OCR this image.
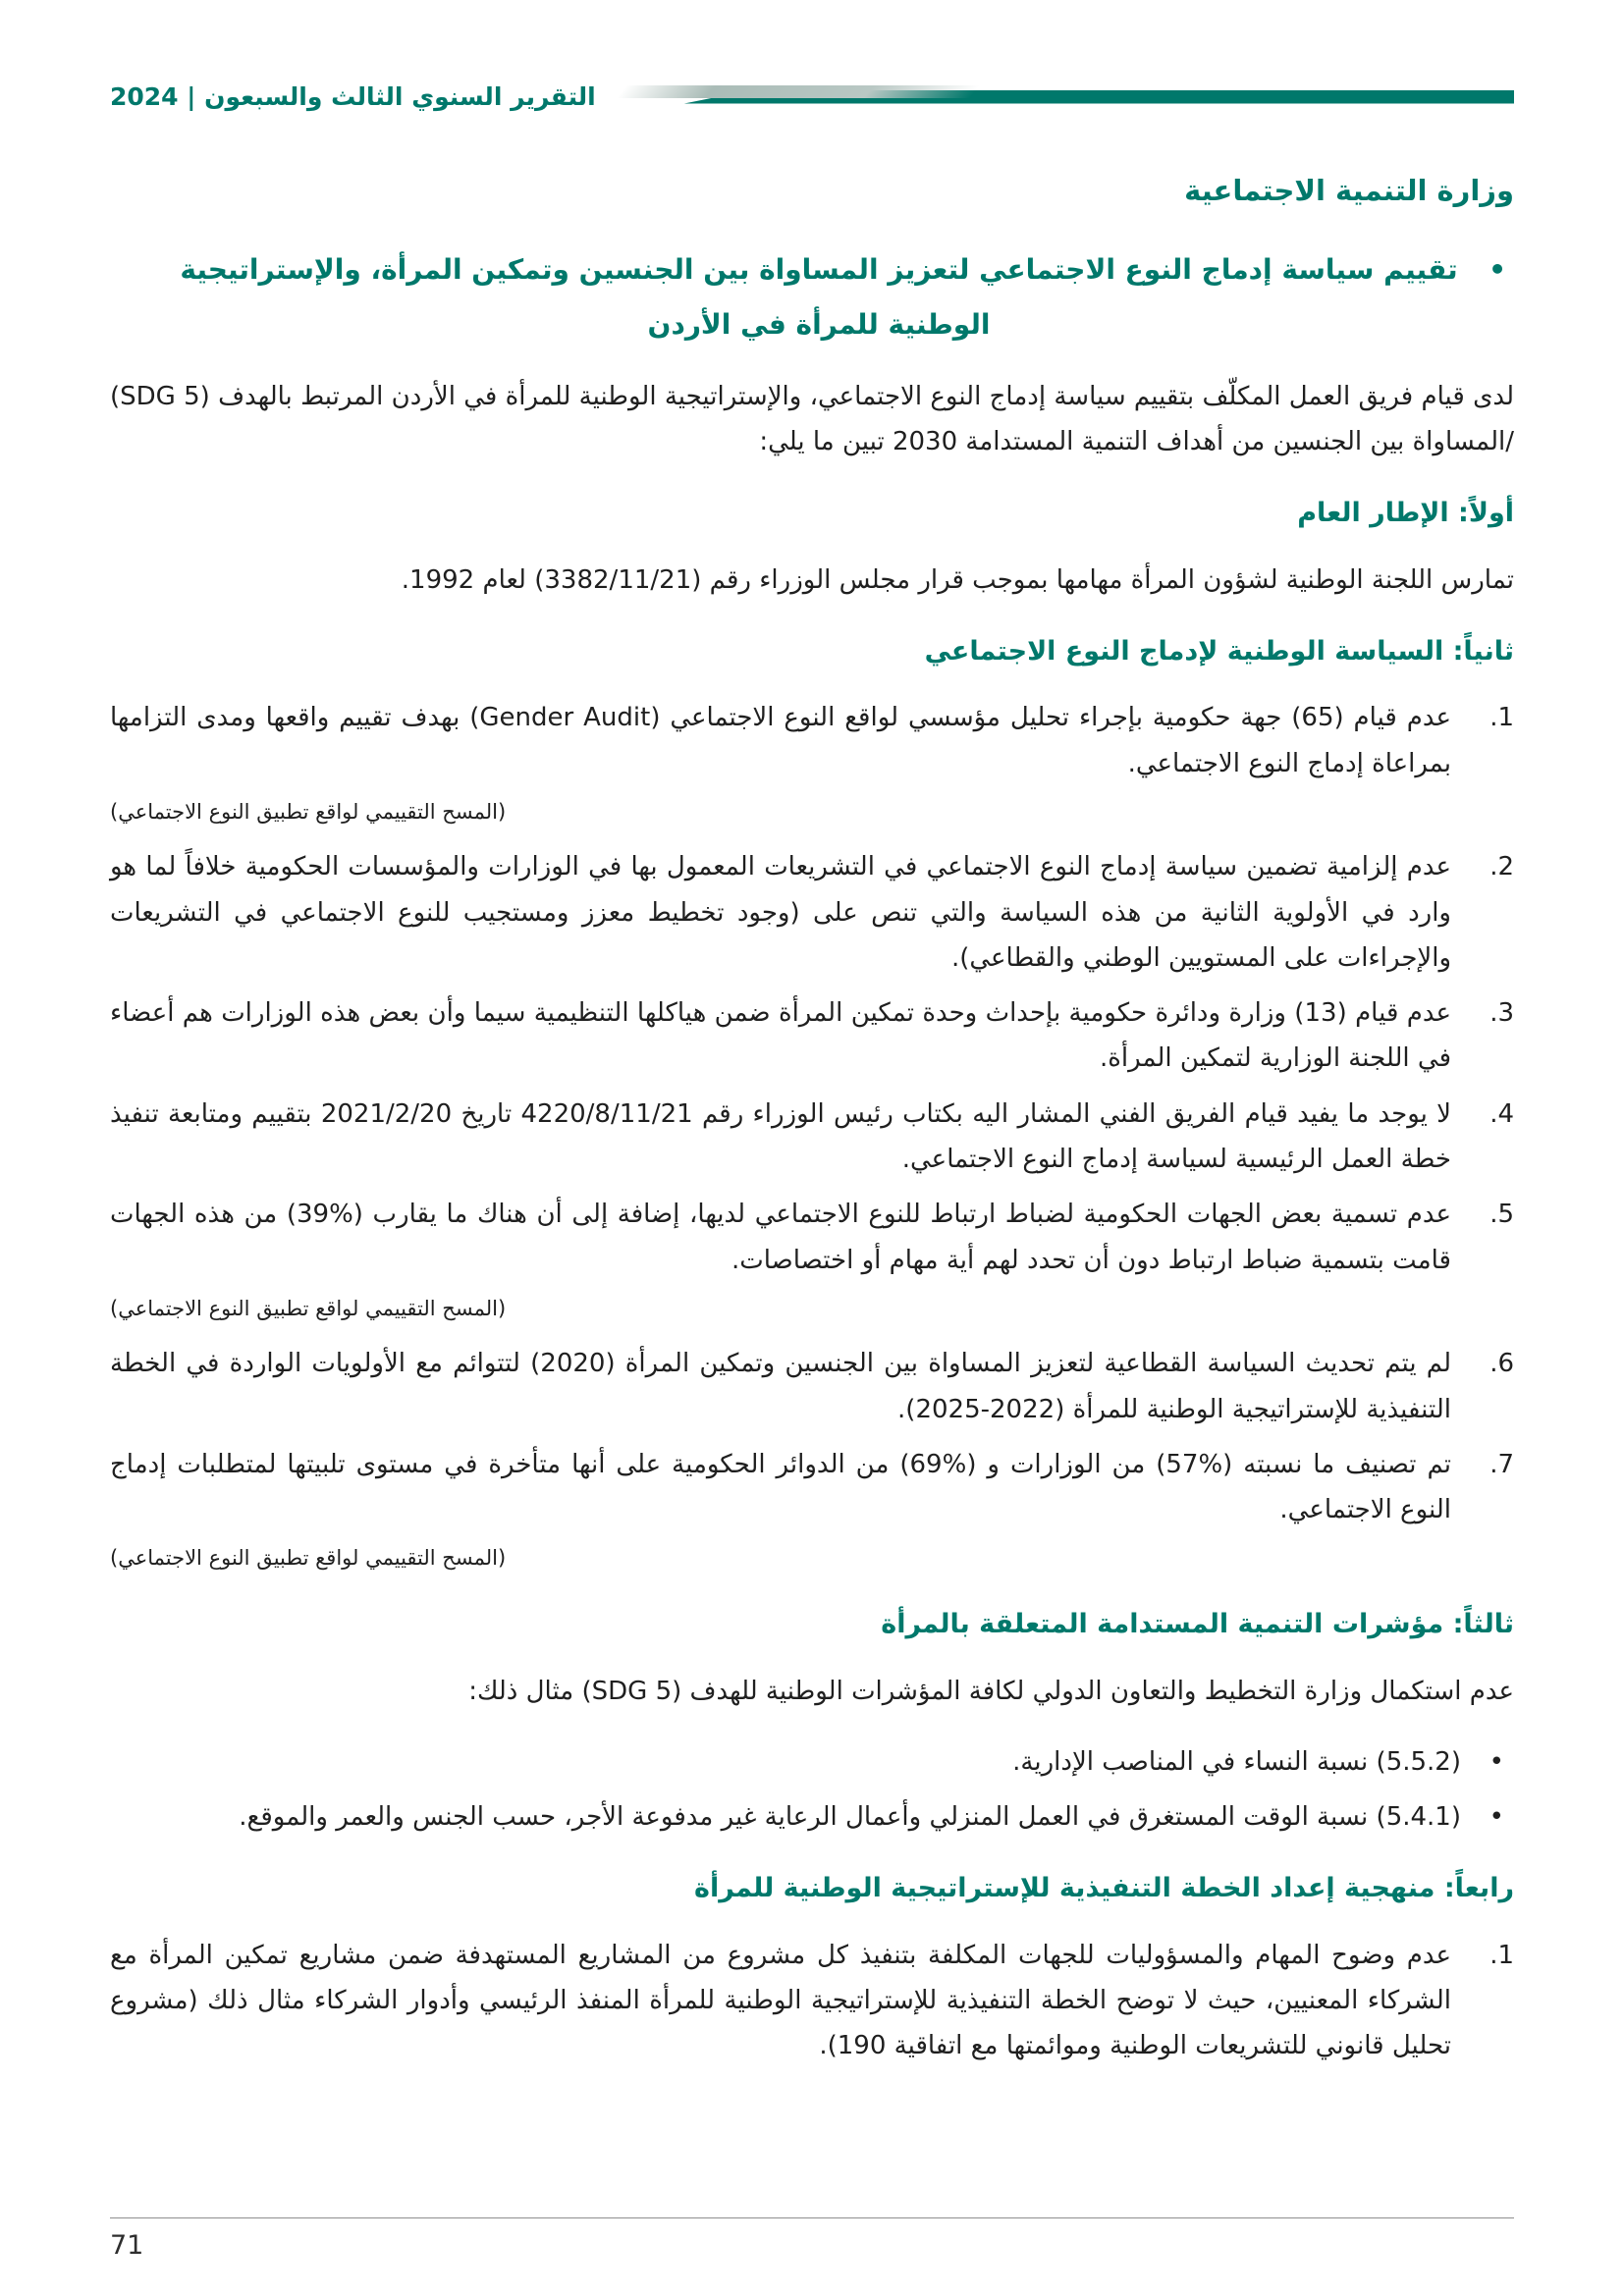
التقرير السنوي الثالث والسبعون | 2024
وزارة التنمية الاجتماعية
•
تقييم سياسة إدماج النوع الاجتماعي لتعزيز المساواة بين الجنسين وتمكين المرأة، والإستراتيجية الوطنية للمرأة في الأردن

لدى قيام فريق العمل المكلّف بتقييم سياسة إدماج النوع الاجتماعي، والإستراتيجية الوطنية للمرأة في الأردن المرتبط بالهدف (SDG 5) /المساواة بين الجنسين من أهداف التنمية المستدامة 2030 تبين ما يلي:

أولاً: الإطار العام

تمارس اللجنة الوطنية لشؤون المرأة مهامها بموجب قرار مجلس الوزراء رقم (3382/11/21) لعام 1992.

ثانياً: السياسة الوطنية لإدماج النوع الاجتماعي
1.

عدم قيام (65) جهة حكومية بإجراء تحليل مؤسسي لواقع النوع الاجتماعي (Gender Audit) بهدف تقييم واقعها ومدى التزامها بمراعاة إدماج النوع الاجتماعي.

(المسح التقييمي لواقع تطبيق النوع الاجتماعي)

2.

عدم إلزامية تضمين سياسة إدماج النوع الاجتماعي في التشريعات المعمول بها في الوزارات والمؤسسات الحكومية خلافاً لما هو وارد في الأولوية الثانية من هذه السياسة والتي تنص على (وجود تخطيط معزز ومستجيب للنوع الاجتماعي في التشريعات والإجراءات على المستويين الوطني والقطاعي).

3.

عدم قيام (13) وزارة ودائرة حكومية بإحداث وحدة تمكين المرأة ضمن هياكلها التنظيمية سيما وأن بعض هذه الوزارات هم أعضاء في اللجنة الوزارية لتمكين المرأة.

4.

لا يوجد ما يفيد قيام الفريق الفني المشار اليه بكتاب رئيس الوزراء رقم 4220/8/11/21 تاريخ 2021/2/20 بتقييم ومتابعة تنفيذ خطة العمل الرئيسية لسياسة إدماج النوع الاجتماعي.

5.

عدم تسمية بعض الجهات الحكومية لضباط ارتباط للنوع الاجتماعي لديها، إضافة إلى أن هناك ما يقارب (%39) من هذه الجهات قامت بتسمية ضباط ارتباط دون أن تحدد لهم أية مهام أو اختصاصات.

(المسح التقييمي لواقع تطبيق النوع الاجتماعي)

6.

لم يتم تحديث السياسة القطاعية لتعزيز المساواة بين الجنسين وتمكين المرأة (2020) لتتوائم مع الأولويات الواردة في الخطة التنفيذية للإستراتيجية الوطنية للمرأة (2022-2025).

7.

تم تصنيف ما نسبته (%57) من الوزارات و (%69) من الدوائر الحكومية على أنها متأخرة في مستوى تلبيتها لمتطلبات إدماج النوع الاجتماعي.

(المسح التقييمي لواقع تطبيق النوع الاجتماعي)

ثالثاً: مؤشرات التنمية المستدامة المتعلقة بالمرأة

عدم استكمال وزارة التخطيط والتعاون الدولي لكافة المؤشرات الوطنية للهدف (SDG 5) مثال ذلك:

•

(5.5.2) نسبة النساء في المناصب الإدارية.

•

(5.4.1) نسبة الوقت المستغرق في العمل المنزلي وأعمال الرعاية غير مدفوعة الأجر، حسب الجنس والعمر والموقع.

رابعاً: منهجية إعداد الخطة التنفيذية للإستراتيجية الوطنية للمرأة
1.

عدم وضوح المهام والمسؤوليات للجهات المكلفة بتنفيذ كل مشروع من المشاريع المستهدفة ضمن مشاريع تمكين المرأة مع الشركاء المعنيين، حيث لا توضح الخطة التنفيذية للإستراتيجية الوطنية للمرأة المنفذ الرئيسي وأدوار الشركاء مثال ذلك (مشروع تحليل قانوني للتشريعات الوطنية وموائمتها مع اتفاقية 190).

71
